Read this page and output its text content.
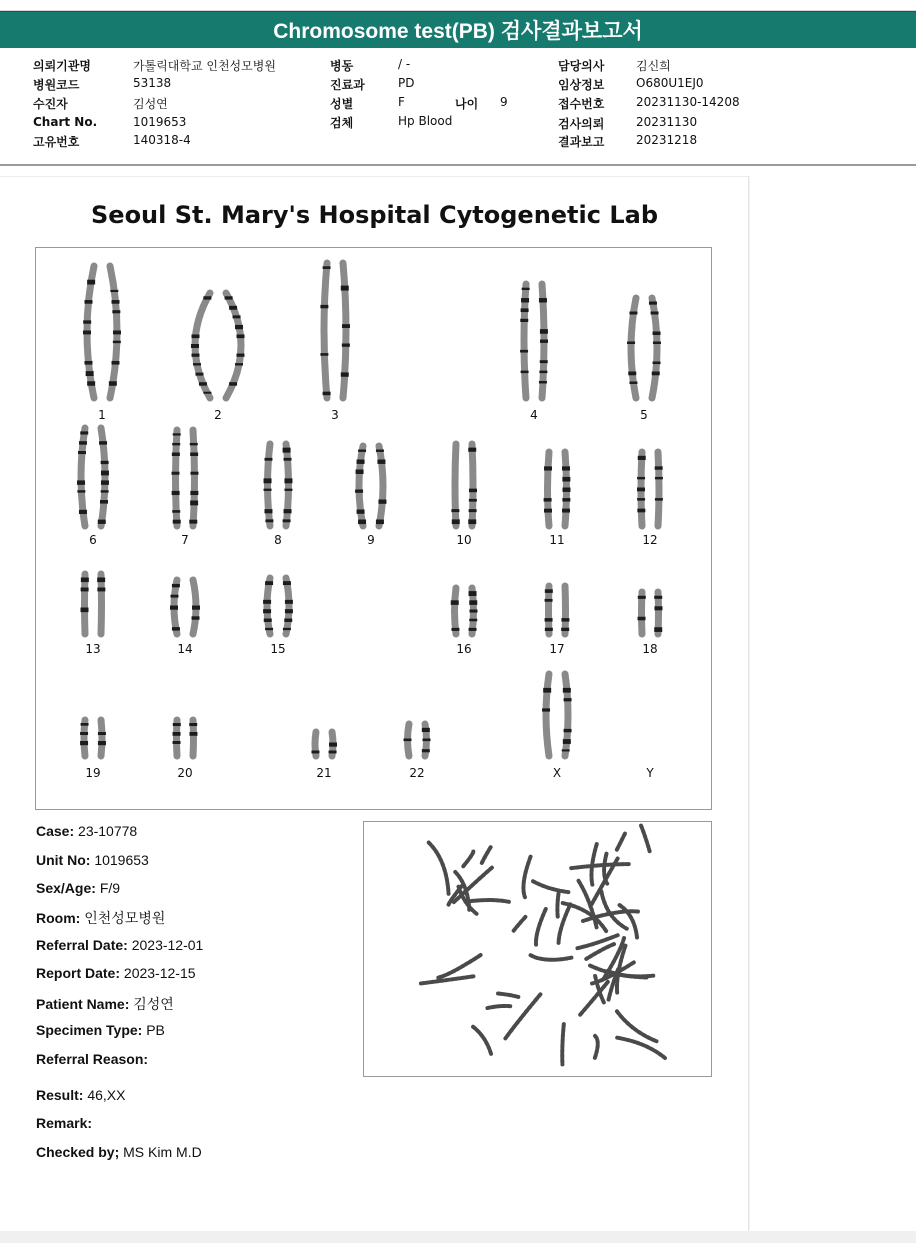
Chromosome test(PB) 검사결과보고서
의뢰기관명	가톨릭대학교 인천성모병원
병원코드	53138
수진자	김성연
Chart No.	1019653
고유번호	140318-4
병동	/ -
진료과	PD
성별	F	나이 9
검체	Hp Blood
담당의사	김신희
임상정보	O680U1EJ0
접수번호	20231130-14208
검사의뢰	20231130
결과보고	20231218
Seoul St. Mary's Hospital Cytogenetic Lab
1	2	3	4	5
6	7	8	9	10	11	12
13	14	15	16	17	18
19	20	21	22	X	Y
Case: 23-10778
Unit No: 1019653
Sex/Age: F/9
Room: 인천성모병원
Referral Date: 2023-12-01
Report Date: 2023-12-15
Patient Name: 김성연
Specimen Type: PB
Referral Reason:
Result: 46,XX
Remark:
Checked by; MS Kim M.D
